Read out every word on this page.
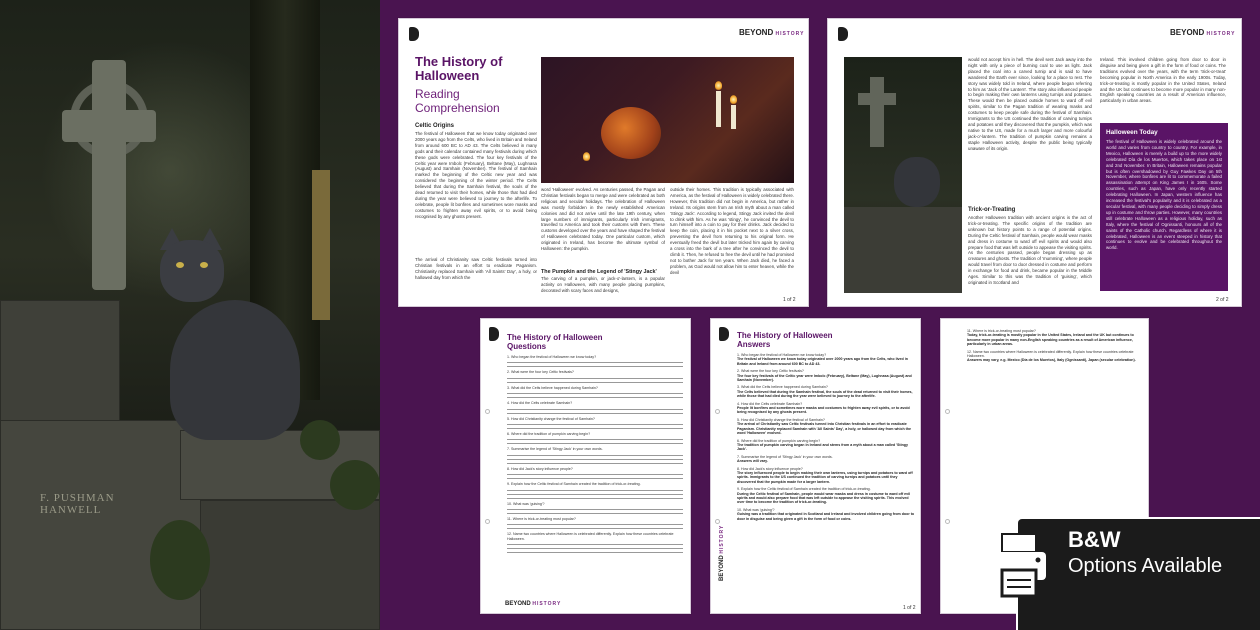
F. PUSHMAN
HANWELL
BEYOND HISTORY
The History of Halloween
Reading Comprehension
Celtic Origins
The festival of Halloween that we know today originated over 2000 years ago from the Celts, who lived in Britain and Ireland from around 600 BC to AD 43. The Celts believed in many gods and their calendar contained many festivals during which these gods were celebrated. The four key festivals of the Celtic year were Imbolc (February), Beltane (May), Lughnasa (August) and Samhain (November). The festival of Samhain marked the beginning of the Celtic new year and was considered the beginning of the winter period. The Celts believed that during the Samhain festival, the souls of the dead returned to visit their homes, while those that had died during the year were believed to journey to the afterlife. To celebrate, people lit bonfires and sometimes wore masks and costumes to frighten away evil spirits, or to avoid being recognised by any ghosts present.
The arrival of Christianity saw Celtic festivals turned into Christian festivals in an effort to eradicate Paganism. Christianity replaced Samhain with 'All Saints' Day', a holy, or hallowed day from which the
word 'Halloween' evolved. As centuries passed, the Pagan and Christian festivals began to merge and were celebrated as both religious and secular holidays. The celebration of Halloween was mostly forbidden in the newly established American colonies and did not arrive until the late 19th century, when large numbers of immigrants, particularly Irish immigrants, travelled to America and took their customs with them. These customs developed over the years and have shaped the festival of Halloween celebrated today. One particular custom, which originated in Ireland, has become the ultimate symbol of Halloween: the pumpkin.
The Pumpkin and the Legend of 'Stingy Jack'
The carving of a pumpkin, or jack-o'-lantern, is a popular activity on Halloween, with many people placing pumpkins, decorated with scary faces and designs,
outside their homes. This tradition is typically associated with America, as the festival of Halloween is widely celebrated there. However, this tradition did not begin in America, but rather in Ireland. Its origins stem from an Irish myth about a man called 'Stingy Jack'. According to legend, Stingy Jack invited the devil to drink with him. As he was 'stingy', he convinced the devil to turn himself into a coin to pay for their drinks. Jack decided to keep the coin, placing it in his pocket next to a silver cross, preventing the devil from returning to his original form. He eventually freed the devil but later tricked him again by carving a cross into the bark of a tree after he convinced the devil to climb it. Then, he refused to free the devil until he had promised not to bother Jack for ten years. When Jack died, he faced a problem, as God would not allow him to enter heaven, while the devil
1 of 2
BEYOND HISTORY
would not accept him in hell. The devil sent Jack away into the night with only a piece of burning coal to use as light. Jack placed the coal into a carved turnip and is said to have wandered the Earth ever since, looking for a place to rest. The story was widely told in Ireland, where people began referring to him as 'Jack of the Lantern'. The story also influenced people to begin making their own lanterns using turnips and potatoes. These would then be placed outside homes to ward off evil spirits, similar to the Pagan tradition of wearing masks and costumes to keep people safe during the festival of Samhain. Immigrants to the US continued the tradition of carving turnips and potatoes until they discovered that the pumpkin, which was native to the US, made for a much larger and more colourful jack-o'-lantern. The tradition of pumpkin carving remains a staple Halloween activity, despite the public being typically unaware of its origin.
Trick-or-Treating
Another Halloween tradition with ancient origins is the act of trick-or-treating. The specific origins of the tradition are unknown but history points to a range of potential origins. During the Celtic festival of Samhain, people would wear masks and dress in costume to ward off evil spirits and would also prepare food that was left outside to appease the visiting spirits. As the centuries passed, people began dressing up as creatures and ghosts. The tradition of 'mumming', where people would travel from door to door dressed in costume and perform in exchange for food and drink, became popular in the Middle Ages. Similar to this was the tradition of 'guising', which originated in Scotland and
Ireland. This involved children going from door to door in disguise and being given a gift in the form of food or coins. The traditions evolved over the years, with the term 'trick-or-treat' becoming popular in North America in the early 1900s. Today, trick-or-treating is mostly popular in the United States, Ireland and the UK but continues to become more popular in many non-English speaking countries as a result of American influence, particularly in urban areas.
Halloween Today
The festival of Halloween is widely celebrated around the world and varies from country to country. For example, in Mexico, Halloween is merely a build up to the more widely celebrated Día de los Muertos, which takes place on 1st and 2nd November. In Britain, Halloween remains popular but is often overshadowed by Guy Fawkes Day on 5th November, where bonfires are lit to commemorate a failed assassination attempt on King James I in 1605. Some countries, such as Japan, have only recently started celebrating Halloween. In Japan, western influence has increased the festival's popularity and it is celebrated as a secular festival, with many people deciding to simply dress up in costume and throw parties. However, many countries still celebrate Halloween as a religious holiday, such as Italy, where the festival of Ognissanti, honours all of the saints of the Catholic church. Regardless of where it is celebrated, Halloween is an event steeped in history that continues to evolve and be celebrated throughout the world.
2 of 2
The History of Halloween Questions
1. Who began the festival of Halloween we know today?
2. What were the four key Celtic festivals?
3. What did the Celts believe happened during Samhain?
4. How did the Celts celebrate Samhain?
5. How did Christianity change the festival of Samhain?
6. Where did the tradition of pumpkin carving begin?
7. Summarise the legend of 'Stingy Jack' in your own words.
8. How did Jack's story influence people?
9. Explain how the Celtic festival of Samhain created the tradition of trick-or-treating.
10. What was 'guising'?
11. Where is trick-or-treating most popular?
12. Name two countries where Halloween is celebrated differently. Explain how these countries celebrate Halloween.
BEYOND HISTORY
The History of Halloween Answers
1. Who began the festival of Halloween we know today?
The festival of Halloween we know today originated over 2000 years ago from the Celts, who lived in Britain and Ireland from around 600 BC to AD 43.
2. What were the four key Celtic festivals?
The four key festivals of the Celtic year were Imbolc (February), Beltane (May), Lughnasa (August) and Samhain (November).
3. What did the Celts believe happened during Samhain?
The Celts believed that during the Samhain festival, the souls of the dead returned to visit their homes, while those that had died during the year were believed to journey to the afterlife.
4. How did the Celts celebrate Samhain?
People lit bonfires and sometimes wore masks and costumes to frighten away evil spirits, or to avoid being recognised by any ghosts present.
5. How did Christianity change the festival of Samhain?
The arrival of Christianity saw Celtic festivals turned into Christian festivals in an effort to eradicate Paganism. Christianity replaced Samhain with 'All Saints' Day', a holy, or hallowed day from which the word 'Halloween' evolved.
6. Where did the tradition of pumpkin carving begin?
The tradition of pumpkin carving began in Ireland and stems from a myth about a man called 'Stingy Jack'.
7. Summarise the legend of 'Stingy Jack' in your own words.
Answers will vary.
8. How did Jack's story influence people?
The story influenced people to begin making their own lanterns, using turnips and potatoes to ward off spirits. Immigrants to the US continued the tradition of carving turnips and potatoes until they discovered that the pumpkin made for a larger lantern.
9. Explain how the Celtic festival of Samhain created the tradition of trick-or-treating.
During the Celtic festival of Samhain, people would wear masks and dress in costume to ward off evil spirits and would also prepare food that was left outside to appease the visiting spirits. This evolved over time to become the tradition of trick-or-treating.
10. What was 'guising'?
Guising was a tradition that originated in Scotland and Ireland and involved children going from door to door in disguise and being given a gift in the form of food or coins.
BEYOND HISTORY
1 of 2
11. Where is trick-or-treating most popular?
Today, trick-or-treating is mostly popular in the United States, Ireland and the UK but continues to become more popular in many non-English speaking countries as a result of American influence, particularly in urban areas.
12. Name two countries where Halloween is celebrated differently. Explain how these countries celebrate Halloween.
Answers may vary, e.g. Mexico (Día de los Muertos), Italy (Ognissanti), Japan (secular celebration).
B&W
Options Available
